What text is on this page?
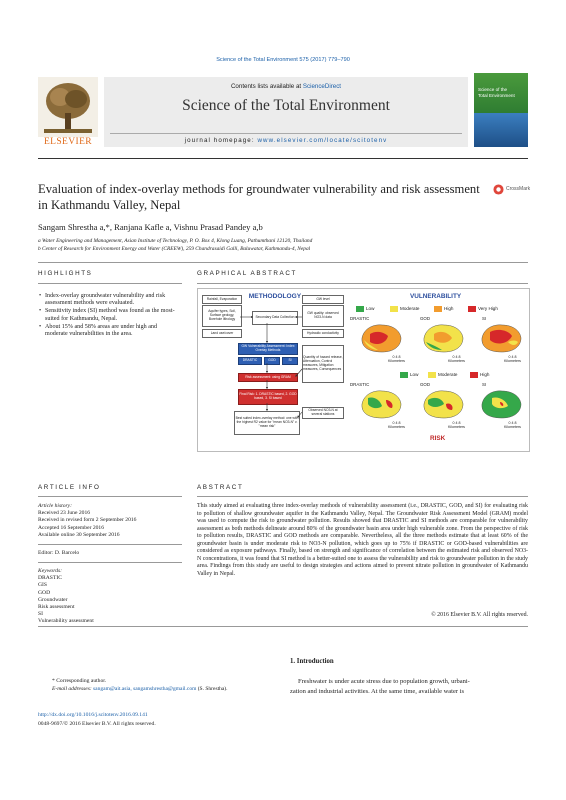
Science of the Total Environment 575 (2017) 779–790
ELSEVIER
Contents lists available at ScienceDirect
Science of the Total Environment
journal homepage: www.elsevier.com/locate/scitotenv
Science of the
Total Environment
Evaluation of index-overlay methods for groundwater vulnerability and risk assessment in Kathmandu Valley, Nepal
CrossMark
Sangam Shrestha a,*, Ranjana Kafle a, Vishnu Prasad Pandey a,b
a Water Engineering and Management, Asian Institute of Technology, P. O. Box 4, Klong Luang, Pathumthani 12120, Thailand
b Center of Research for Environment Energy and Water (CREEW), 259 Chandrasaidi Galli, Baluwatar, Kathmandu-4, Nepal
HIGHLIGHTS
• Index-overlay groundwater vulnerability and risk assessment methods were evaluated.
• Sensitivity index (SI) method was found as the most-suited for Kathmandu, Nepal.
• About 15% and 58% areas are under high and moderate vulnerabilities in the area.
GRAPHICAL ABSTRACT
Rainfall, Evaporation
Aquifer types, Soil, Surface geology, Borehole lithology
Land use/cover
METHODOLOGY
Secondary Data Collection
GW level
GW quality: observed NO3-N data
Hydraulic conductivity
GW Vulnerability Assessment: Index Overlay Methods
DRASTIC	GOD	SI
Quantity of hazard release, Attenuation, Control measures, Mitigation measures, Consequences
Risk assessment: using GRAM
Final Risk: 1. DRASTIC based, 2. GOD based, 3. SI based
Observed NO3-N at several stations
Best suited index-overlay method: one with the highest R2 value for "mean NO3-N" v. "mean risk"
VULNERABILITY
Low	Moderate	High	Very High
DRASTIC	GOD	SI
0 4 8
Kilometers
0 4 8
Kilometers
0 4 8
Kilometers
Low	Moderate	High
DRASTIC	GOD	SI
0 4 8
Kilometers
0 4 8
Kilometers
0 4 8
Kilometers
RISK
ARTICLE INFO
Article history:
Received 23 June 2016
Received in revised form 2 September 2016
Accepted 16 September 2016
Available online 30 September 2016
Editor: D. Barcelo
Keywords:
DRASTIC
GIS
GOD
Groundwater
Risk assessment
SI
Vulnerability assessment
ABSTRACT
This study aimed at evaluating three index-overlay methods of vulnerability assessment (i.e., DRASTIC, GOD, and SI) for evaluating risk to pollution of shallow groundwater aquifer in the Kathmandu Valley, Nepal. The Groundwater Risk Assessment Model (GRAM) model was used to compute the risk to groundwater pollution. Results showed that DRASTIC and SI methods are comparable for vulnerability assessment as both methods delineate around 80% of the groundwater basin area under high vulnerable zone. From the perspective of risk to pollution results, DRASTIC and GOD methods are comparable. Nevertheless, all the three methods estimate that at least 60% of the groundwater basin is under moderate risk to NO3-N pollution, which goes up to 75% if DRASTIC or GOD-based vulnerabilities are considered as exposure pathways. Finally, based on strength and significance of correlation between the estimated risk and observed NO3-N concentrations, it was found that SI method is a better-suited one to assess the vulnerability and risk to groundwater pollution in the study area. Findings from this study are useful to design strategies and actions aimed to prevent nitrate pollution in groundwater of Kathmandu Valley in Nepal.
© 2016 Elsevier B.V. All rights reserved.
1. Introduction
Freshwater is under acute stress due to population growth, urbani-
zation and industrial activities. At the same time, available water is
* Corresponding author.
E-mail addresses: sangam@ait.asia, sangamshrestha@gmail.com (S. Shrestha).
http://dx.doi.org/10.1016/j.scitotenv.2016.09.141
0048-9697/© 2016 Elsevier B.V. All rights reserved.
